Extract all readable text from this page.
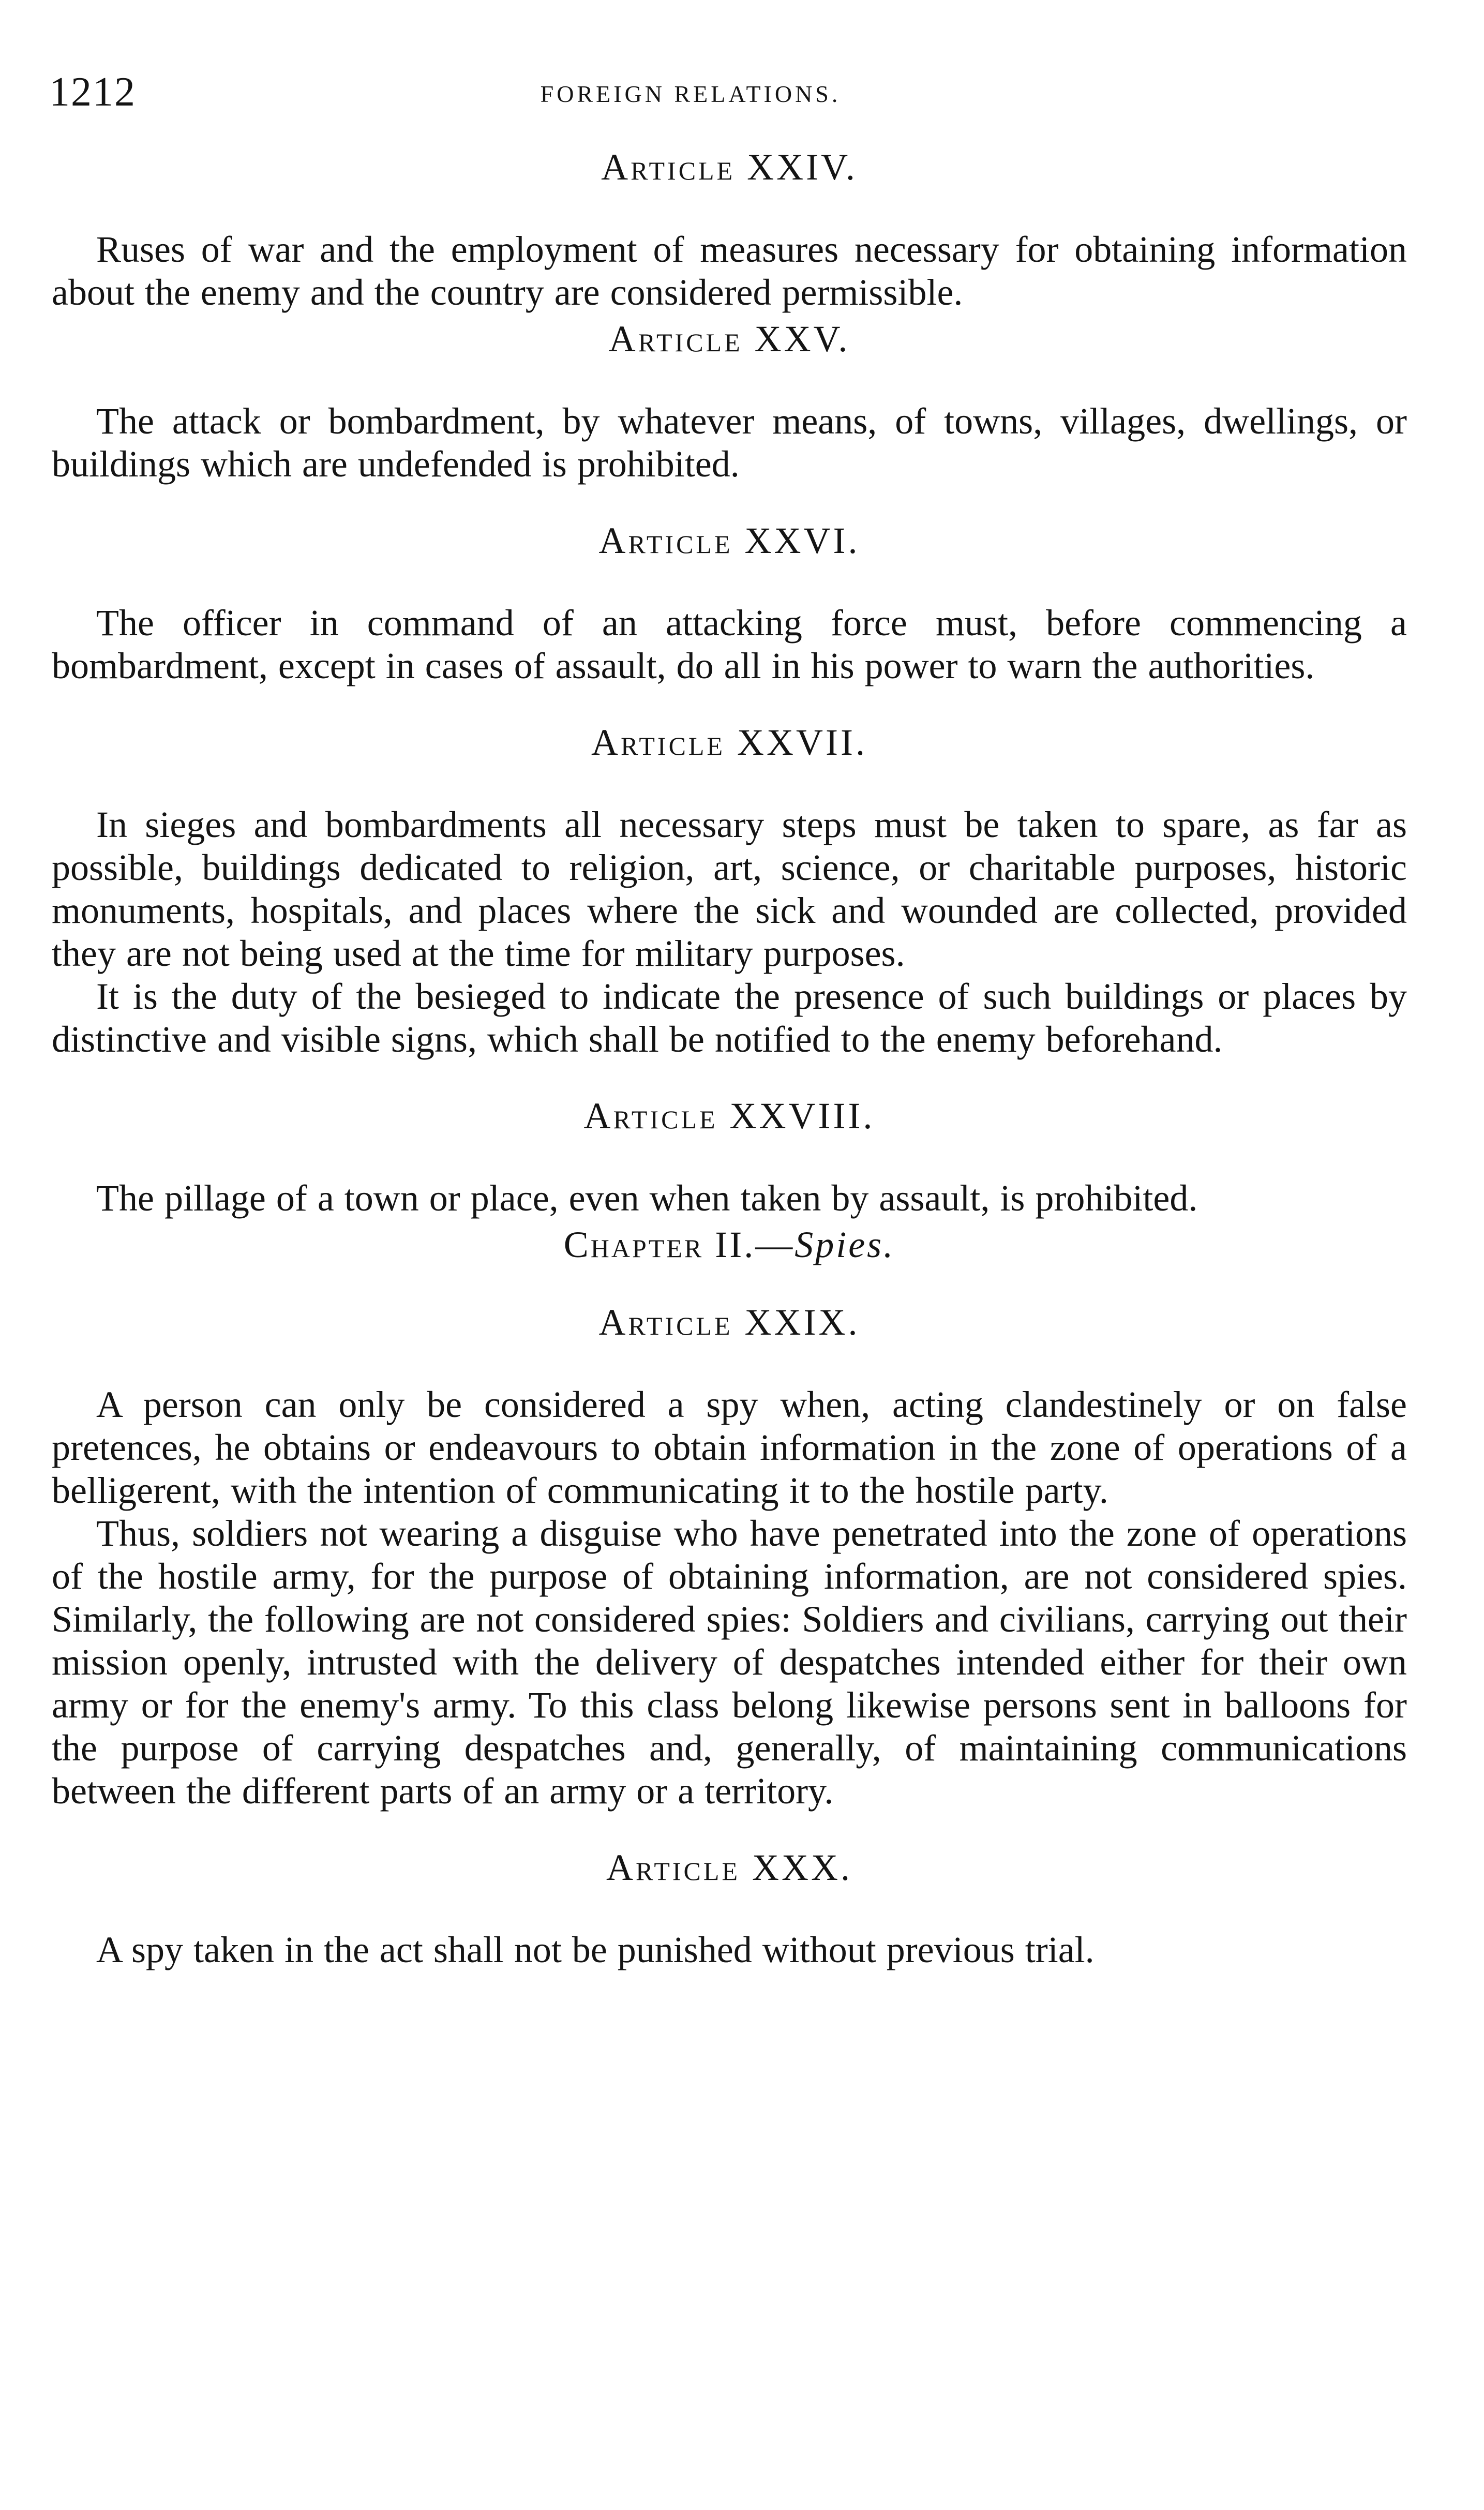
1212	FOREIGN RELATIONS.
Article XXIV.

Ruses of war and the employment of measures necessary for obtaining information about the enemy and the country are considered permissible.

Article XXV.

The attack or bombardment, by whatever means, of towns, villages, dwellings, or buildings which are undefended is prohibited.

Article XXVI.

The officer in command of an attacking force must, before commencing a bombardment, except in cases of assault, do all in his power to warn the authorities.

Article XXVII.

In sieges and bombardments all necessary steps must be taken to spare, as far as possible, buildings dedicated to religion, art, science, or charitable purposes, historic monuments, hospitals, and places where the sick and wounded are collected, provided they are not being used at the time for military purposes.

It is the duty of the besieged to indicate the presence of such buildings or places by distinctive and visible signs, which shall be notified to the enemy beforehand.

Article XXVIII.

The pillage of a town or place, even when taken by assault, is prohibited.

Chapter II.—Spies.
Article XXIX.

A person can only be considered a spy when, acting clandestinely or on false pretences, he obtains or endeavours to obtain information in the zone of operations of a belligerent, with the intention of communicating it to the hostile party.

Thus, soldiers not wearing a disguise who have penetrated into the zone of operations of the hostile army, for the purpose of obtaining information, are not considered spies. Similarly, the following are not considered spies: Soldiers and civilians, carrying out their mission openly, intrusted with the delivery of despatches intended either for their own army or for the enemy's army. To this class belong likewise persons sent in balloons for the purpose of carrying despatches and, generally, of maintaining communications between the different parts of an army or a territory.

Article XXX.

A spy taken in the act shall not be punished without previous trial.
